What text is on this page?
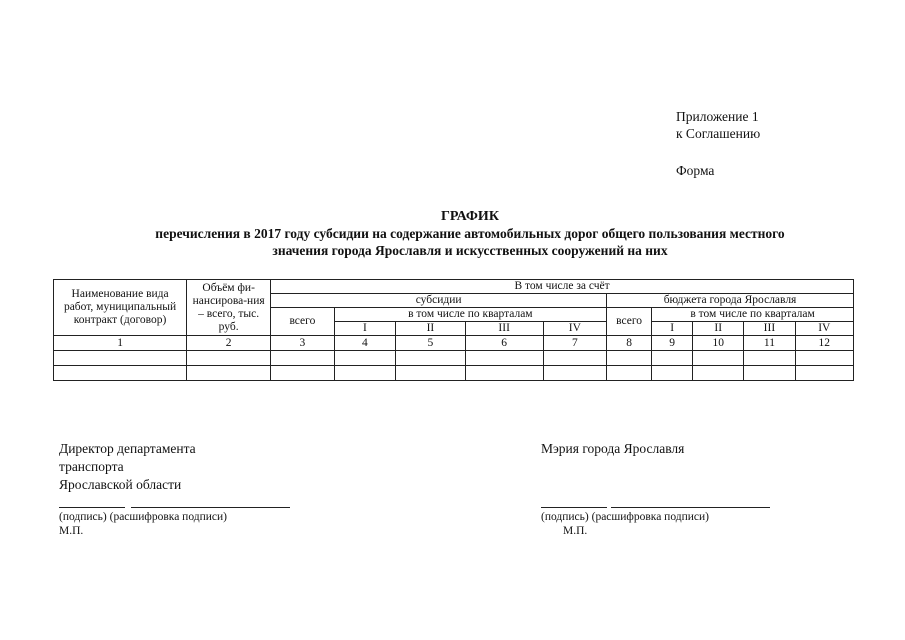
Приложение 1
к Соглашению
Форма
ГРАФИК
перечисления в 2017 году субсидии на содержание автомобильных дорог общего пользования местного
значения города Ярославля и искусственных сооружений на них
Наименование вида работ, муниципальный контракт (договор)	Объём фи-нансирова-ния – всего, тыс. руб.	В том числе за счёт									
		субсидии					бюджета города Ярославля				
		всего	в том числе по кварталам				всего	в том числе по кварталам			
			I	II	III	IV		I	II	III	IV
1	2	3	4	5	6	7	8	9	10	11	12

Директор департамента
транспорта
Ярославской области
(подпись) (расшифровка подписи)
М.П.
Мэрия города Ярославля
(подпись) (расшифровка подписи)
М.П.
